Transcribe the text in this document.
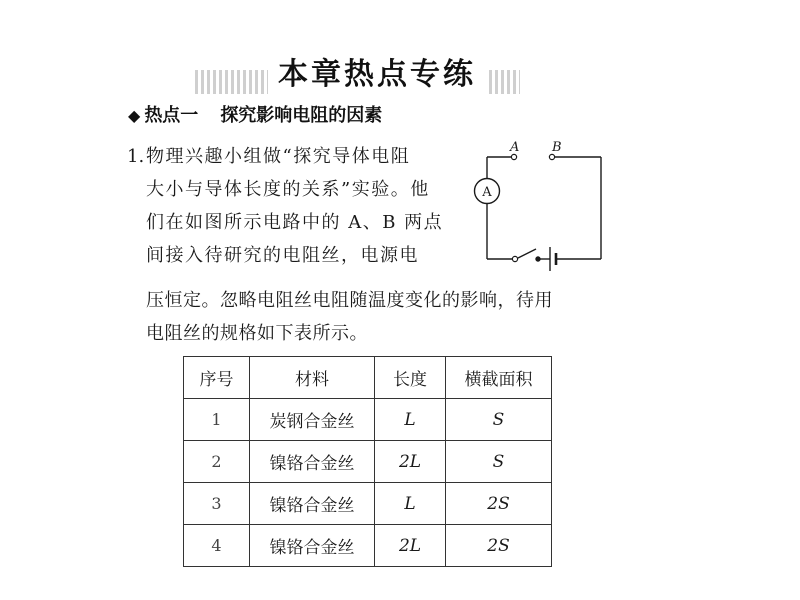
本章热点专练
◆ 热点一 探究影响电阻的因素
1. 物理兴趣小组做“探究导体电阻
大小与导体长度的关系”实验。他
们在如图所示电路中的 A、B 两点
间接入待研究的电阻丝，电源电
压恒定。忽略电阻丝电阻随温度变化的影响，待用
电阻丝的规格如下表所示。
A	B
A
序号	材料	长度	横截面积
1	炭钢合金丝	L	S
2	镍铬合金丝	2L	S
3	镍铬合金丝	L	2S
4	镍铬合金丝	2L	2S
